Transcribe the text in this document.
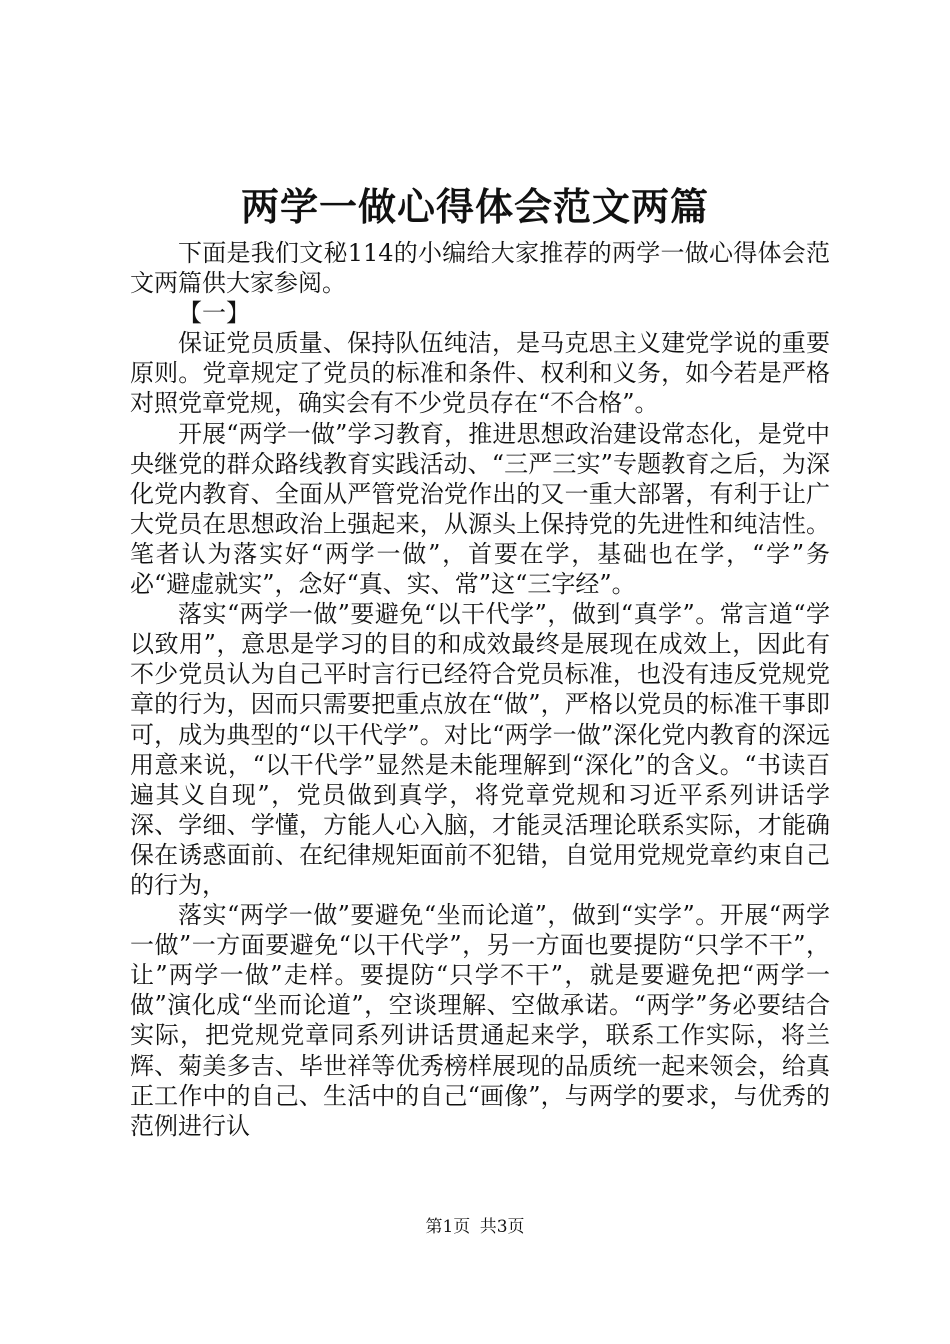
两学一做心得体会范文两篇

下面是我们文秘114的小编给大家推荐的两学一做心得体会范文两篇供大家参阅。

【一】

保证党员质量、保持队伍纯洁，是马克思主义建党学说的重要原则。党章规定了党员的标准和条件、权利和义务，如今若是严格对照党章党规，确实会有不少党员存在“不合格”。

开展“两学一做”学习教育，推进思想政治建设常态化，是党中央继党的群众路线教育实践活动、“三严三实”专题教育之后，为深化党内教育、全面从严管党治党作出的又一重大部署，有利于让广大党员在思想政治上强起来，从源头上保持党的先进性和纯洁性。笔者认为落实好“两学一做”，首要在学，基础也在学，“学”务必“避虚就实”，念好“真、实、常”这“三字经”。

落实“两学一做”要避免“以干代学”，做到“真学”。常言道“学以致用”，意思是学习的目的和成效最终是展现在成效上，因此有不少党员认为自己平时言行已经符合党员标准，也没有违反党规党章的行为，因而只需要把重点放在“做”，严格以党员的标准干事即可，成为典型的“以干代学”。对比“两学一做”深化党内教育的深远用意来说，“以干代学”显然是未能理解到“深化”的含义。“书读百遍其义自现”，党员做到真学，将党章党规和习近平系列讲话学深、学细、学懂，方能人心入脑，才能灵活理论联系实际，才能确保在诱惑面前、在纪律规矩面前不犯错，自觉用党规党章约束自己的行为，

落实“两学一做”要避免“坐而论道”，做到“实学”。开展“两学一做”一方面要避免“以干代学”，另一方面也要提防“只学不干”，让”两学一做”走样。要提防“只学不干”，就是要避免把“两学一做”演化成“坐而论道”，空谈理解、空做承诺。“两学”务必要结合实际，把党规党章同系列讲话贯通起来学，联系工作实际，将兰辉、菊美多吉、毕世祥等优秀榜样展现的品质统一起来领会，给真正工作中的自己、生活中的自己“画像”，与两学的要求，与优秀的范例进行认

第1页 共3页
